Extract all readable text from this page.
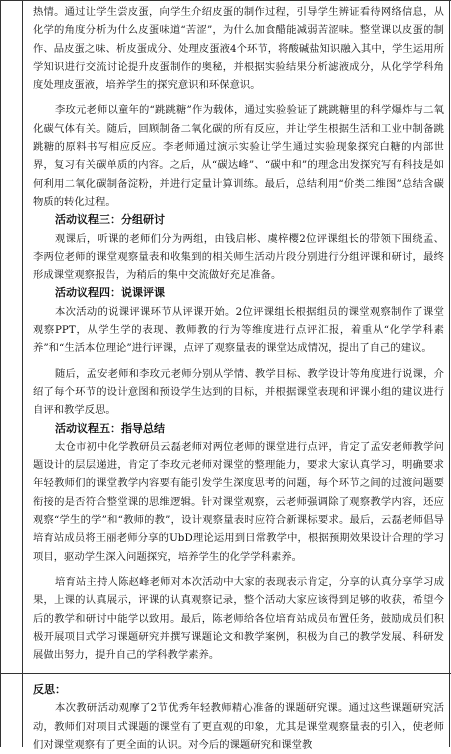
热情。通过让学生尝皮蛋，向学生介绍皮蛋的制作过程，引导学生辨证看待网络信息，从化学的角度分析为什么皮蛋味道“苦涩”，为什么加食醋能减弱苦涩味。整堂课以皮蛋的制作、品皮蛋之味、析皮蛋成分、处理皮蛋液4个环节，将酸碱盐知识融入其中，学生运用所学知识进行交流讨论提升皮蛋制作的奥秘，并根据实验结果分析滤液成分，从化学学科角度处理皮蛋液，培养学生的探究意识和环保意识。

李玫元老师以童年的“跳跳糖”作为载体，通过实验验证了跳跳糖里的科学爆炸与二氧化碳气体有关。随后，回顾制备二氧化碳的所有反应，并让学生根据生活和工业中制备跳跳糖的原料书写相应反应。李老师通过演示实验让学生通过实验现象探究白糖的内部世界，复习有关碳单质的内容。之后，从“碳达峰”、“碳中和”的理念出发探究写有科技是如何利用二氧化碳制备淀粉，并进行定量计算训练。最后，总结利用“价类二维图”总结含碳物质的转化过程。

活动议程三：分组研讨

观课后，听课的老师们分为两组，由钱启彬、虞梓樱2位评课组长的带领下围绕孟、李两位老师的课堂观察量表和收集到的相关师生活动片段分别进行分组评课和研讨，最终形成课堂观察报告，为稍后的集中交流做好充足准备。

活动议程四：说课评课

本次活动的说课评课环节从评课开始。2位评课组长根据组员的课堂观察制作了课堂观察PPT，从学生学的表现、教师教的行为等维度进行点评汇报，着重从“化学学科素养”和“生活本位理论”进行评课，点评了观察量表的课堂达成情况，提出了自己的建议。

随后，孟安老师和李玫元老师分别从学情、教学目标、教学设计等角度进行说课，介绍了每个环节的设计意图和预设学生达到的目标，并根据课堂表现和评课小组的建议进行自评和教学反思。

活动议程五：指导总结

太仓市初中化学教研员云磊老师对两位老师的课堂进行点评，肯定了孟安老师教学问题设计的层层递进，肯定了李玫元老师对课堂的整理能力，要求大家认真学习，明确要求年轻教师们的课堂教学内容要有能引发学生深度思考的问题，每个环节之间的过渡问题要衔接的是否符合整堂课的思维逻辑。针对课堂观察，云老师强调除了观察教学内容，还应观察“学生的学”和“教师的教”，设计观察量表时应符合新课标要求。最后，云磊老师倡导培育站成员将王丽老师分享的UbD理论运用到日常教学中，根据预期效果设计合理的学习项目，驱动学生深入问题探究，培养学生的化学学科素养。

培育站主持人陈赵峰老师对本次活动中大家的表现表示肯定，分享的认真分享学习成果，上课的认真展示，评课的认真观察记录，整个活动大家应该得到足够的收获，希望今后的教学和研讨中能学以致用。最后，陈老师给各位培育站成员布置任务，鼓励成员们积极开展项目式学习课题研究并撰写课题论文和教学案例，积极为自己的教学发展、科研发展做出努力，提升自己的学科教学素养。

反思：

本次教研活动观摩了2节优秀年轻教师精心准备的课题研究课。通过这些课题研究活动，教师们对项目式课题的课堂有了更直观的印象，尤其是课堂观察量表的引入，使老师们对课堂观察有了更全面的认识。对今后的课题研究和课堂教
